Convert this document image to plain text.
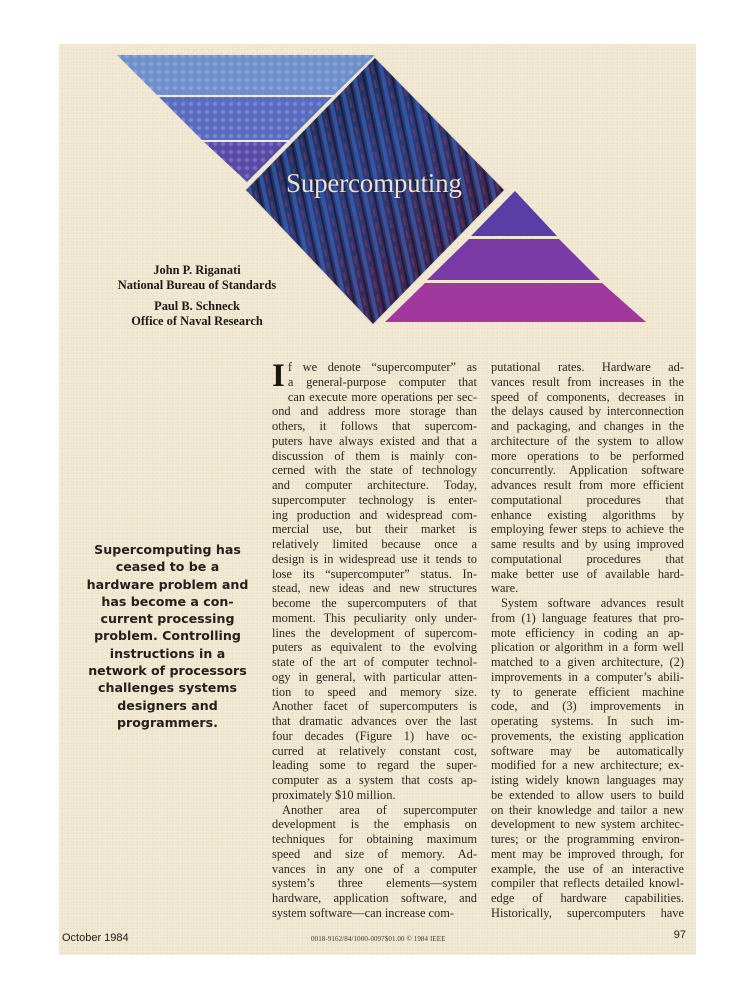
Supercomputing
John P. Riganati
National Bureau of Standards
Paul B. Schneck
Office of Naval Research
Supercomputing has
ceased to be a
hardware problem and
has become a con-
current processing
problem. Controlling
instructions in a
network of processors
challenges systems
designers and
programmers.
I f we denote “supercomputer” as
a general-purpose computer that
can execute more operations per sec-
ond and address more storage than
others, it follows that supercom-
puters have always existed and that a
discussion of them is mainly con-
cerned with the state of technology
and computer architecture. Today,
supercomputer technology is enter-
ing production and widespread com-
mercial use, but their market is
relatively limited because once a
design is in widespread use it tends to
lose its “supercomputer” status. In-
stead, new ideas and new structures
become the supercomputers of that
moment. This peculiarity only under-
lines the development of supercom-
puters as equivalent to the evolving
state of the art of computer technol-
ogy in general, with particular atten-
tion to speed and memory size.
Another facet of supercomputers is
that dramatic advances over the last
four decades (Figure 1) have oc-
curred at relatively constant cost,
leading some to regard the super-
computer as a system that costs ap-
proximately $10 million.
Another area of supercomputer
development is the emphasis on
techniques for obtaining maximum
speed and size of memory. Ad-
vances in any one of a computer
system’s three elements—system
hardware, application software, and
system software—can increase com-
putational rates. Hardware ad-
vances result from increases in the
speed of components, decreases in
the delays caused by interconnection
and packaging, and changes in the
architecture of the system to allow
more operations to be performed
concurrently. Application software
advances result from more efficient
computational procedures that
enhance existing algorithms by
employing fewer steps to achieve the
same results and by using improved
computational procedures that
make better use of available hard-
ware.
System software advances result
from (1) language features that pro-
mote efficiency in coding an ap-
plication or algorithm in a form well
matched to a given architecture, (2)
improvements in a computer’s abili-
ty to generate efficient machine
code, and (3) improvements in
operating systems. In such im-
provements, the existing application
software may be automatically
modified for a new architecture; ex-
isting widely known languages may
be extended to allow users to build
on their knowledge and tailor a new
development to new system architec-
tures; or the programming environ-
ment may be improved through, for
example, the use of an interactive
compiler that reflects detailed knowl-
edge of hardware capabilities.
Historically, supercomputers have
October 1984	0018-9162/84/1000-0097$01.00 © 1984 IEEE	97
